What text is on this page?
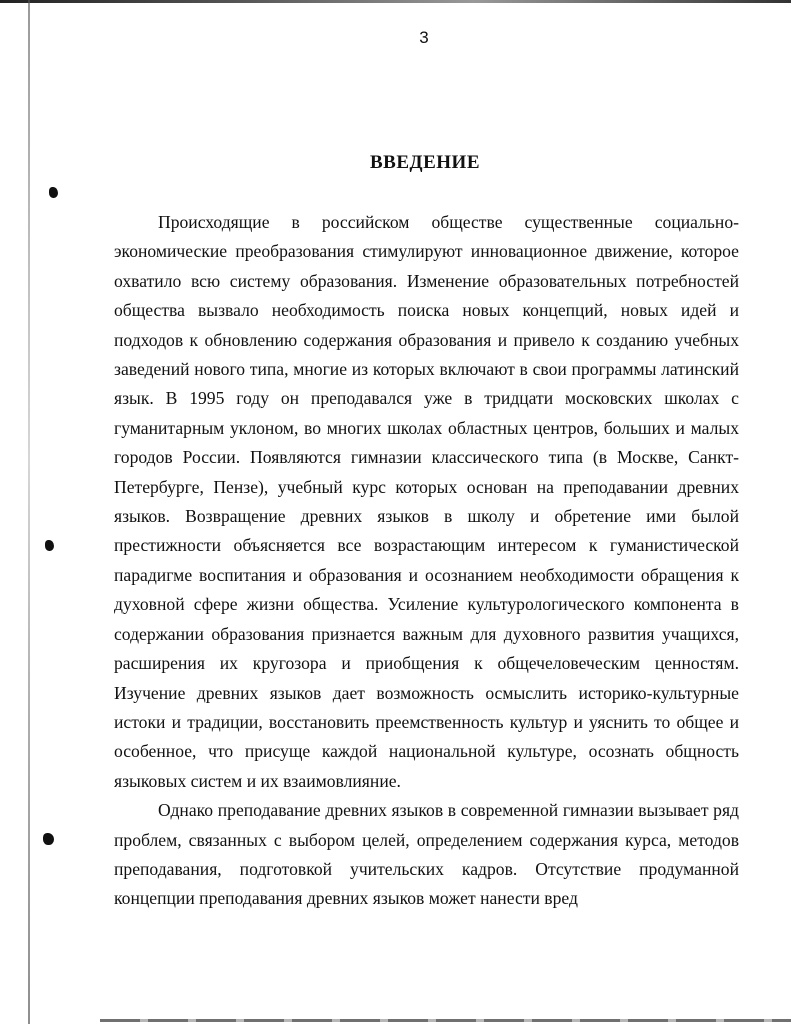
3
ВВЕДЕНИЕ

Происходящие в российском обществе существенные социально-экономические преобразования стимулируют инновационное движение, которое охватило всю систему образования. Изменение образовательных потребностей общества вызвало необходимость поиска новых концепций, новых идей и подходов к обновлению содержания образования и привело к созданию учебных заведений нового типа, многие из которых включают в свои программы латинский язык. В 1995 году он преподавался уже в тридцати московских школах с гуманитарным уклоном, во многих школах областных центров, больших и малых городов России. Появляются гимназии классического типа (в Москве, Санкт-Петербурге, Пензе), учебный курс которых основан на преподавании древних языков. Возвращение древних языков в школу и обретение ими былой престижности объясняется все возрастающим интересом к гуманистической парадигме воспитания и образования и осознанием необходимости обращения к духовной сфере жизни общества. Усиление культурологического компонента в содержании образования признается важным для духовного развития учащихся, расширения их кругозора и приобщения к общечеловеческим ценностям. Изучение древних языков дает возможность осмыслить историко-культурные истоки и традиции, восстановить преемственность культур и уяснить то общее и особенное, что присуще каждой национальной культуре, осознать общность языковых систем и их взаимовлияние.

Однако преподавание древних языков в современной гимназии вызывает ряд проблем, связанных с выбором целей, определением содержания курса, методов преподавания, подготовкой учительских кадров. Отсутствие продуманной концепции преподавания древних языков может нанести вред
